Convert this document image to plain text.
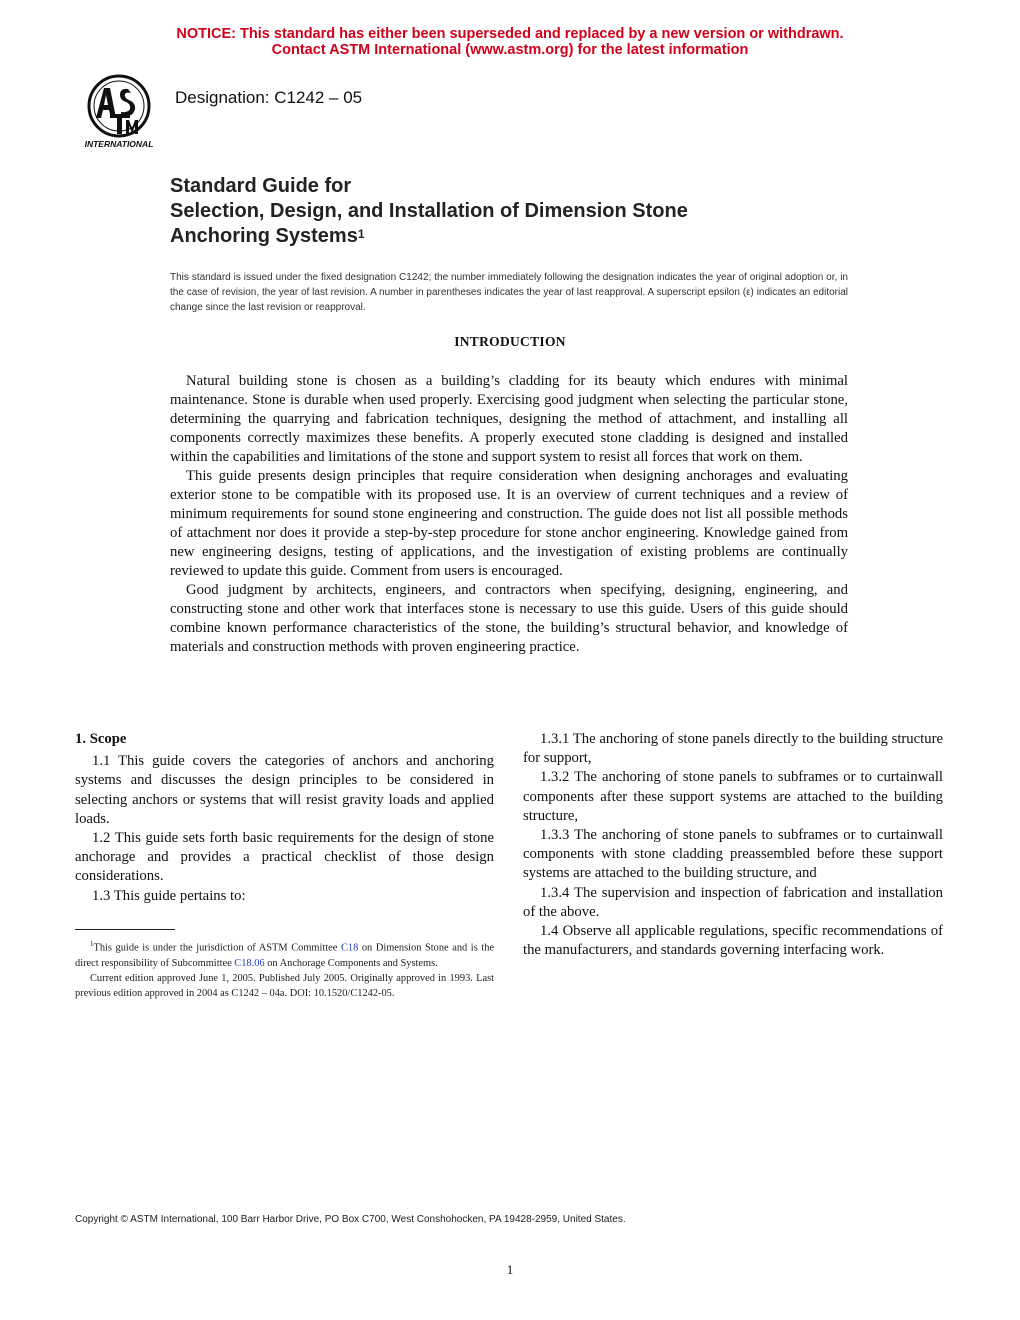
NOTICE: This standard has either been superseded and replaced by a new version or withdrawn.
Contact ASTM International (www.astm.org) for the latest information
INTERNATIONAL
Designation: C1242 – 05
Standard Guide for
Selection, Design, and Installation of Dimension Stone
Anchoring Systems$^1$
This standard is issued under the fixed designation C1242; the number immediately following the designation indicates the year of original adoption or, in the case of revision, the year of last revision. A number in parentheses indicates the year of last reapproval. A superscript epsilon (ε) indicates an editorial change since the last revision or reapproval.
INTRODUCTION

Natural building stone is chosen as a building’s cladding for its beauty which endures with minimal maintenance. Stone is durable when used properly. Exercising good judgment when selecting the particular stone, determining the quarrying and fabrication techniques, designing the method of attachment, and installing all components correctly maximizes these benefits. A properly executed stone cladding is designed and installed within the capabilities and limitations of the stone and support system to resist all forces that work on them.

This guide presents design principles that require consideration when designing anchorages and evaluating exterior stone to be compatible with its proposed use. It is an overview of current techniques and a review of minimum requirements for sound stone engineering and construction. The guide does not list all possible methods of attachment nor does it provide a step-by-step procedure for stone anchor engineering. Knowledge gained from new engineering designs, testing of applications, and the investigation of existing problems are continually reviewed to update this guide. Comment from users is encouraged.

Good judgment by architects, engineers, and contractors when specifying, designing, engineering, and constructing stone and other work that interfaces stone is necessary to use this guide. Users of this guide should combine known performance characteristics of the stone, the building’s structural behavior, and knowledge of materials and construction methods with proven engineering practice.

1. Scope

1.1 This guide covers the categories of anchors and anchoring systems and discusses the design principles to be considered in selecting anchors or systems that will resist gravity loads and applied loads.

1.2 This guide sets forth basic requirements for the design of stone anchorage and provides a practical checklist of those design considerations.

1.3 This guide pertains to:

1.3.1 The anchoring of stone panels directly to the building structure for support,

1.3.2 The anchoring of stone panels to subframes or to curtainwall components after these support systems are attached to the building structure,

1.3.3 The anchoring of stone panels to subframes or to curtainwall components with stone cladding preassembled before these support systems are attached to the building structure, and

1.3.4 The supervision and inspection of fabrication and installation of the above.

1.4 Observe all applicable regulations, specific recommendations of the manufacturers, and standards governing interfacing work.

$^1$This guide is under the jurisdiction of ASTM Committee C18 on Dimension Stone and is the direct responsibility of Subcommittee C18.06 on Anchorage Components and Systems.

Current edition approved June 1, 2005. Published July 2005. Originally approved in 1993. Last previous edition approved in 2004 as C1242 – 04a. DOI: 10.1520/C1242-05.

Copyright © ASTM International, 100 Barr Harbor Drive, PO Box C700, West Conshohocken, PA 19428-2959, United States.
1
